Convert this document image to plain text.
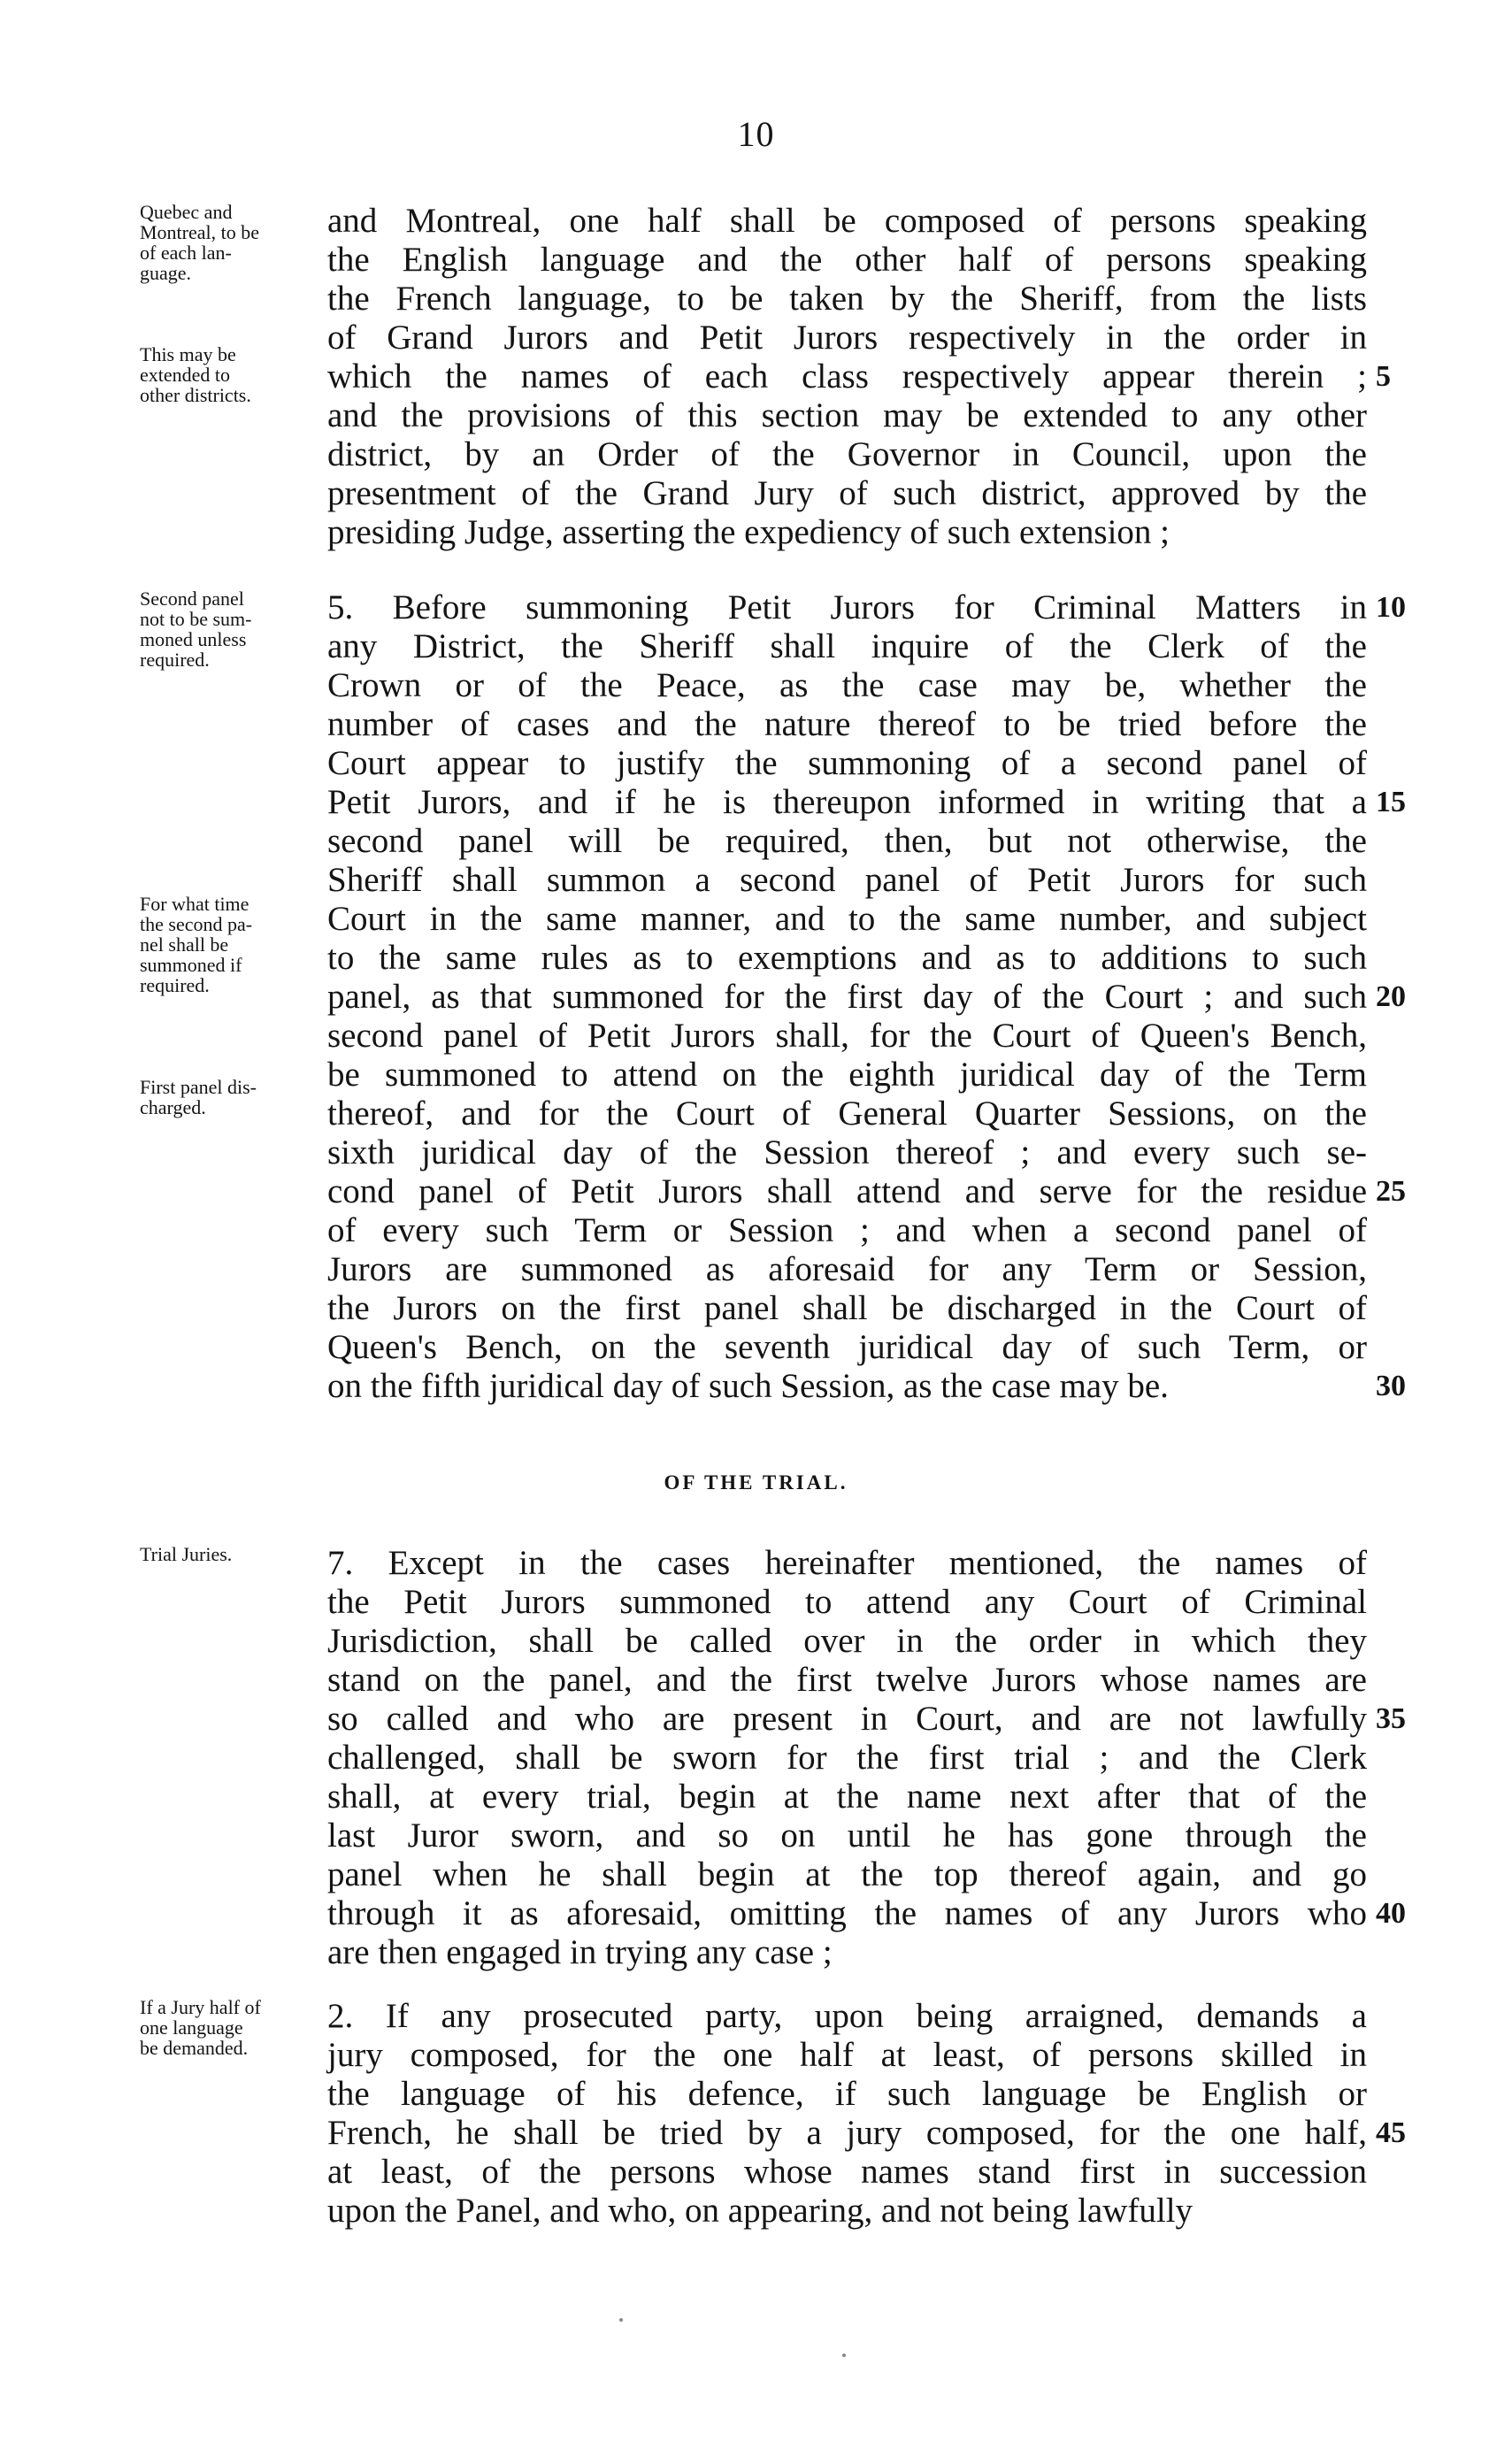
10

Quebec and

Montreal, to be

of each lan-

guage.

This may be

extended to

other districts.

and Montreal, one half shall be composed of persons speaking
the English language and the other half of persons speaking
the French language, to be taken by the Sheriff, from the lists
of Grand Jurors and Petit Jurors respectively in the order in
which the names of each class respectively appear therein ;
and the provisions of this section may be extended to any other
district, by an Order of the Governor in Council, upon the
presentment of the Grand Jury of such district, approved by the
presiding Judge, asserting the expediency of such extension ;
5

Second panel

not to be sum-

moned unless

required.

For what time

the second pa-

nel shall be

summoned if

required.

First panel dis-

charged.

5. Before summoning Petit Jurors for Criminal Matters in
any District, the Sheriff shall inquire of the Clerk of the
Crown or of the Peace, as the case may be, whether the
number of cases and the nature thereof to be tried before the
Court appear to justify the summoning of a second panel of
Petit Jurors, and if he is thereupon informed in writing that a
second panel will be required, then, but not otherwise, the
Sheriff shall summon a second panel of Petit Jurors for such
Court in the same manner, and to the same number, and subject
to the same rules as to exemptions and as to additions to such
panel, as that summoned for the first day of the Court ; and such
second panel of Petit Jurors shall, for the Court of Queen's Bench,
be summoned to attend on the eighth juridical day of the Term
thereof, and for the Court of General Quarter Sessions, on the
sixth juridical day of the Session thereof ; and every such se-
cond panel of Petit Jurors shall attend and serve for the residue
of every such Term or Session ; and when a second panel of
Jurors are summoned as aforesaid for any Term or Session,
the Jurors on the first panel shall be discharged in the Court of
Queen's Bench, on the seventh juridical day of such Term, or
on the fifth juridical day of such Session, as the case may be.
10
15
20
25
30
OF THE TRIAL.

Trial Juries.	7. Except in the cases hereinafter mentioned, the names of
the Petit Jurors summoned to attend any Court of Criminal
Jurisdiction, shall be called over in the order in which they
stand on the panel, and the first twelve Jurors whose names are
so called and who are present in Court, and are not lawfully
challenged, shall be sworn for the first trial ; and the Clerk
shall, at every trial, begin at the name next after that of the
last Juror sworn, and so on until he has gone through the
panel when he shall begin at the top thereof again, and go
through it as aforesaid, omitting the names of any Jurors who
are then engaged in trying any case ;
35
40

If a Jury half of

one language

be demanded.

2. If any prosecuted party, upon being arraigned, demands a
jury composed, for the one half at least, of persons skilled in
the language of his defence, if such language be English or
French, he shall be tried by a jury composed, for the one half,
at least, of the persons whose names stand first in succession
upon the Panel, and who, on appearing, and not being lawfully
45
